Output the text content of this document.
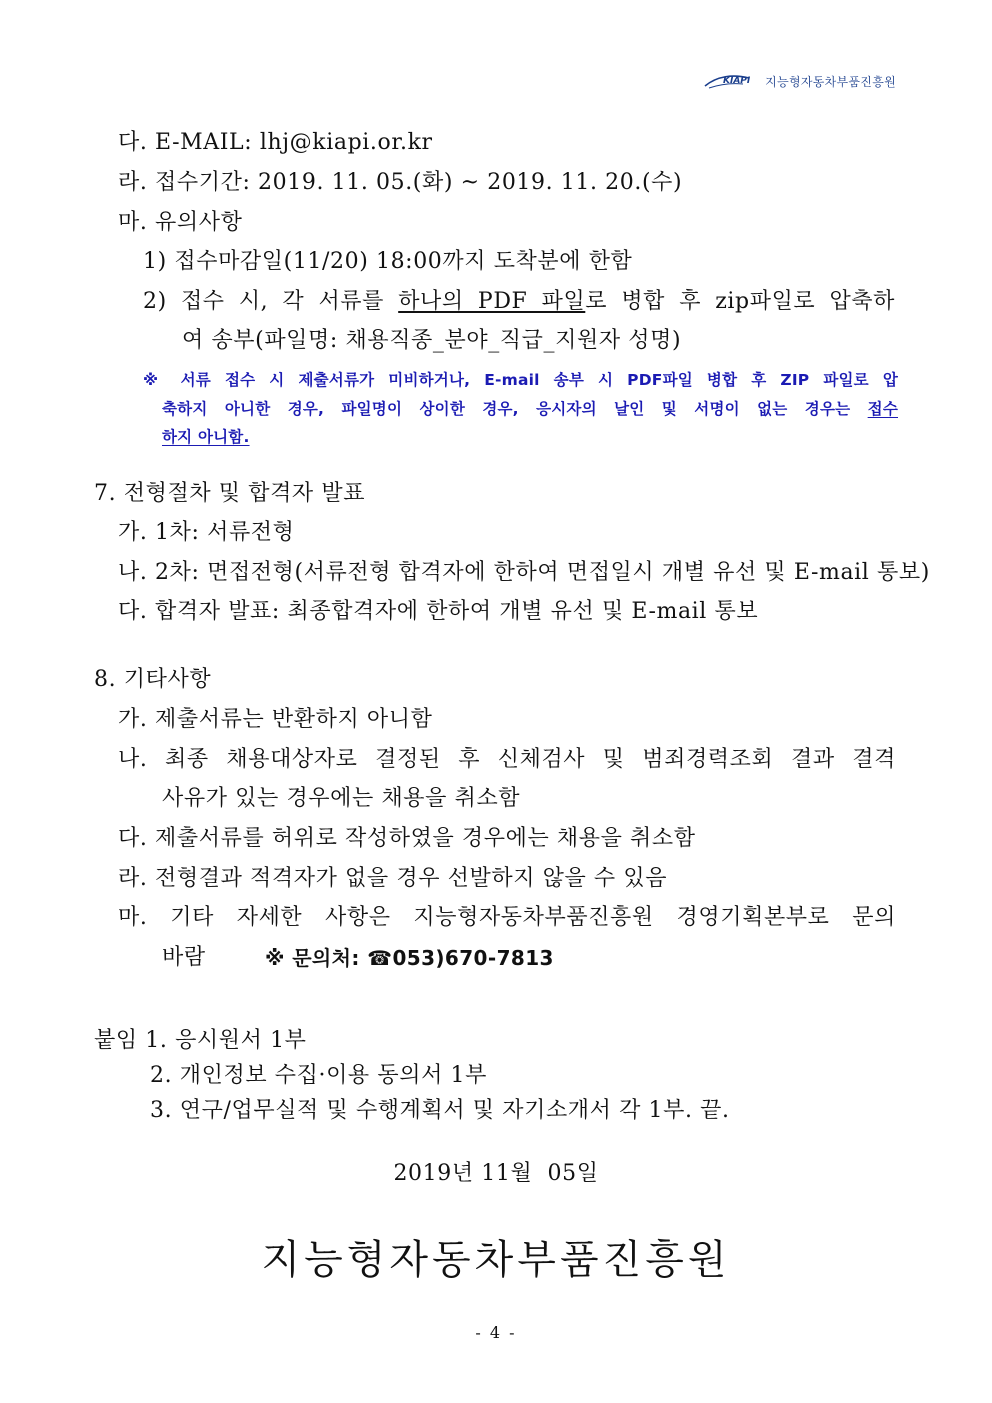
KIAPI 지능형자동차부품진흥원
다. E-MAIL: lhj@kiapi.or.kr
라. 접수기간: 2019. 11. 05.(화) ~ 2019. 11. 20.(수)
마. 유의사항
1) 접수마감일(11/20) 18:00까지 도착분에 한함
2) 접수 시, 각 서류를 하나의 PDF 파일로 병합 후 zip파일로 압축하
여 송부(파일명: 채용직종_분야_직급_지원자 성명)
※ 서류 접수 시 제출서류가 미비하거나, E-mail 송부 시 PDF파일 병합 후 ZIP 파일로 압
축하지 아니한 경우, 파일명이 상이한 경우, 응시자의 날인 및 서명이 없는 경우는 접수
하지 아니함.
7. 전형절차 및 합격자 발표
가. 1차: 서류전형
나. 2차: 면접전형(서류전형 합격자에 한하여 면접일시 개별 유선 및 E-mail 통보)
다. 합격자 발표: 최종합격자에 한하여 개별 유선 및 E-mail 통보
8. 기타사항
가. 제출서류는 반환하지 아니함
나. 최종 채용대상자로 결정된 후 신체검사 및 범죄경력조회 결과 결격
사유가 있는 경우에는 채용을 취소함
다. 제출서류를 허위로 작성하였을 경우에는 채용을 취소함
라. 전형결과 적격자가 없을 경우 선발하지 않을 수 있음
마. 기타 자세한 사항은 지능형자동차부품진흥원 경영기획본부로 문의
바람	※ 문의처: ☎053)670-7813
붙임 1. 응시원서 1부
2. 개인정보 수집·이용 동의서 1부
3. 연구/업무실적 및 수행계획서 및 자기소개서 각 1부. 끝.
2019년 11월  05일
지능형자동차부품진흥원
- 4 -
